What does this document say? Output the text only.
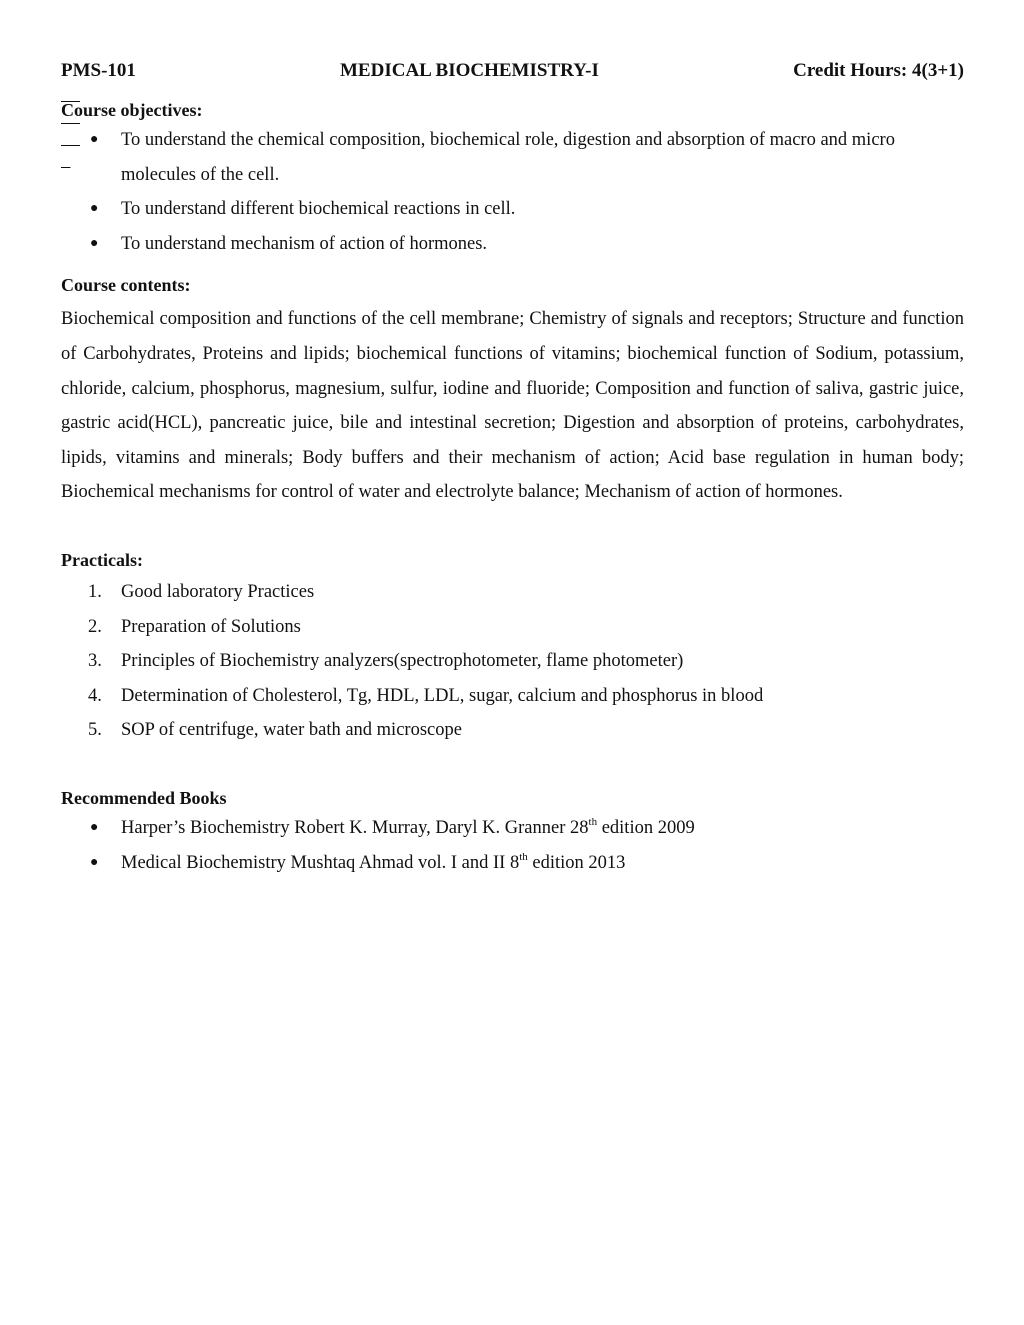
PMS-101

	MEDICAL BIOCHEMISTRY-I

	Credit Hours: 4(3+1)

Course objectives:

● To understand the chemical composition, biochemical role, digestion and absorption of macro and micro molecules of the cell.
● To understand different biochemical reactions in cell.
● To understand mechanism of action of hormones.

Course contents:

Biochemical composition and functions of the cell membrane; Chemistry of signals and receptors; Structure and function of Carbohydrates, Proteins and lipids; biochemical functions of vitamins; biochemical function of Sodium, potassium, chloride, calcium, phosphorus, magnesium, sulfur, iodine and fluoride; Composition and function of saliva, gastric juice, gastric acid(HCL), pancreatic juice, bile and intestinal secretion; Digestion and absorption of proteins, carbohydrates, lipids, vitamins and minerals; Body buffers and their mechanism of action; Acid base regulation in human body; Biochemical mechanisms for control of water and electrolyte balance; Mechanism of action of hormones.

Practicals:

1. Good laboratory Practices
2. Preparation of Solutions
3. Principles of Biochemistry analyzers(spectrophotometer, flame photometer)
4. Determination of Cholesterol, Tg, HDL, LDL, sugar, calcium and phosphorus in blood
5. SOP of centrifuge, water bath and microscope

Recommended Books

● Harper’s Biochemistry Robert K. Murray, Daryl K. Granner 28th edition 2009
● Medical Biochemistry Mushtaq Ahmad vol. I and II 8th edition 2013
